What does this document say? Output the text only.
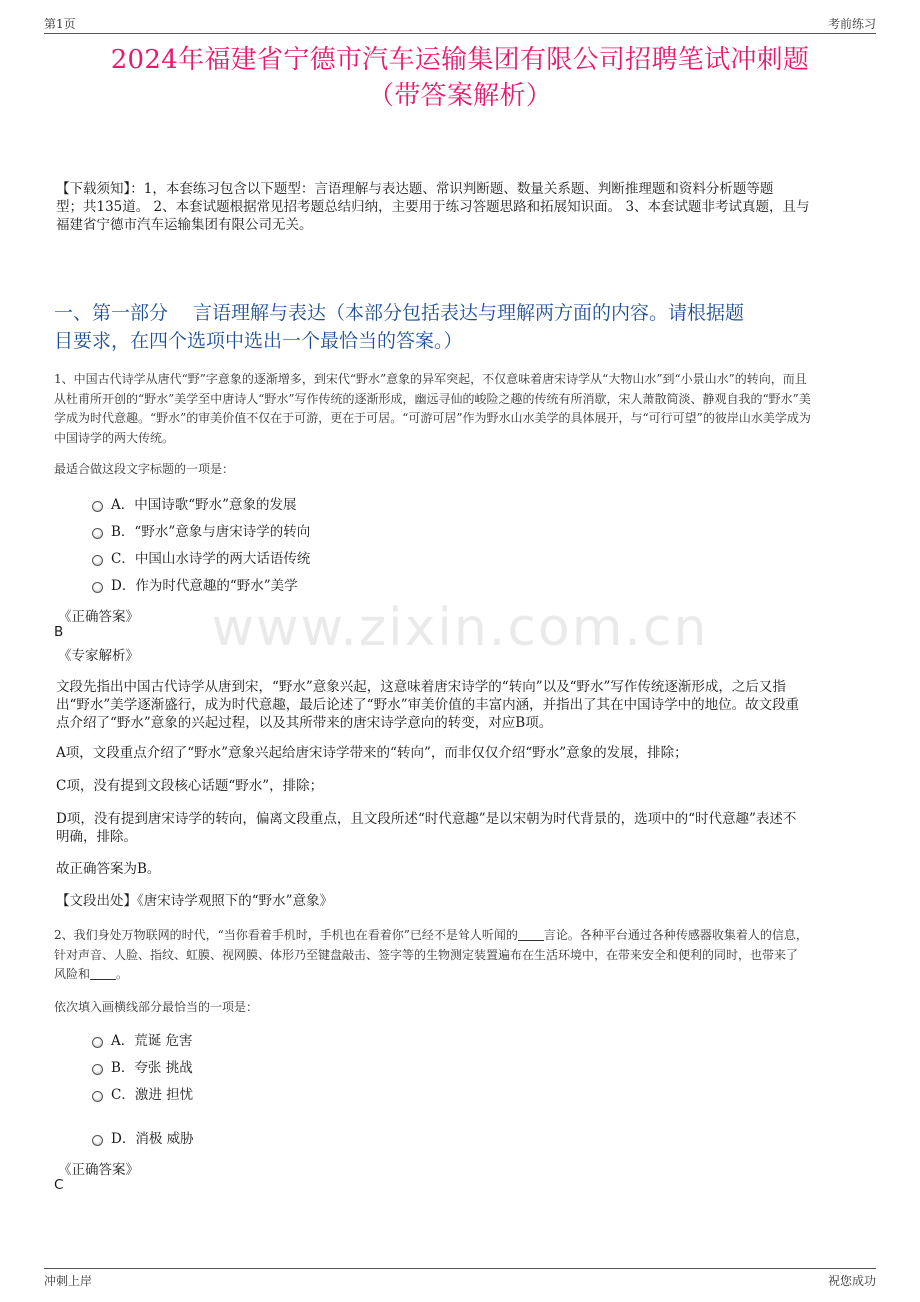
第1页	考前练习
2024年福建省宁德市汽车运输集团有限公司招聘笔试冲刺题
（带答案解析）
【下载须知】：1，本套练习包含以下题型：言语理解与表达题、常识判断题、数量关系题、判断推理题和资料分析题等题
型；共135道。 2、本套试题根据常见招考题总结归纳，主要用于练习答题思路和拓展知识面。 3、本套试题非考试真题，且与
福建省宁德市汽车运输集团有限公司无关。
一、第一部分　 言语理解与表达（本部分包括表达与理解两方面的内容。请根据题
目要求，在四个选项中选出一个最恰当的答案。）
1、中国古代诗学从唐代“野”字意象的逐渐增多，到宋代“野水”意象的异军突起，不仅意味着唐宋诗学从“大物山水”到“小景山水”的转向，而且
从杜甫所开创的“野水”美学至中唐诗人“野水”写作传统的逐渐形成，幽远寻仙的峻险之趣的传统有所消歇，宋人萧散简淡、静观自我的“野水”美
学成为时代意趣。“野水”的审美价值不仅在于可游，更在于可居。“可游可居”作为野水山水美学的具体展开，与“可行可望”的彼岸山水美学成为
中国诗学的两大传统。
最适合做这段文字标题的一项是：
A．中国诗歌“野水”意象的发展
B．“野水”意象与唐宋诗学的转向
C．中国山水诗学的两大话语传统
D．作为时代意趣的“野水”美学
《正确答案》
B
《专家解析》
文段先指出中国古代诗学从唐到宋，“野水”意象兴起，这意味着唐宋诗学的“转向”以及“野水”写作传统逐渐形成，之后又指
出“野水”美学逐渐盛行，成为时代意趣，最后论述了“野水”审美价值的丰富内涵，并指出了其在中国诗学中的地位。故文段重
点介绍了“野水”意象的兴起过程，以及其所带来的唐宋诗学意向的转变，对应B项。
A项，文段重点介绍了“野水”意象兴起给唐宋诗学带来的“转向”，而非仅仅介绍“野水”意象的发展，排除；
C项，没有提到文段核心话题“野水”，排除；
D项，没有提到唐宋诗学的转向，偏离文段重点，且文段所述“时代意趣”是以宋朝为时代背景的，选项中的“时代意趣”表述不
明确，排除。
故正确答案为B。
【文段出处】《唐宋诗学观照下的“野水”意象》
2、我们身处万物联网的时代，“当你看着手机时，手机也在看着你”已经不是耸人听闻的 言论。各种平台通过各种传感器收集着人的信息，
针对声音、人脸、指纹、虹膜、视网膜、体形乃至键盘敲击、签字等的生物测定装置遍布在生活环境中，在带来安全和便利的同时，也带来了
风险和 。
依次填入画横线部分最恰当的一项是：
A．荒诞 危害
B．夸张 挑战
C．激进 担忧
D．消极 威胁
《正确答案》
C
www.zixin.com.cn
冲刺上岸	祝您成功
